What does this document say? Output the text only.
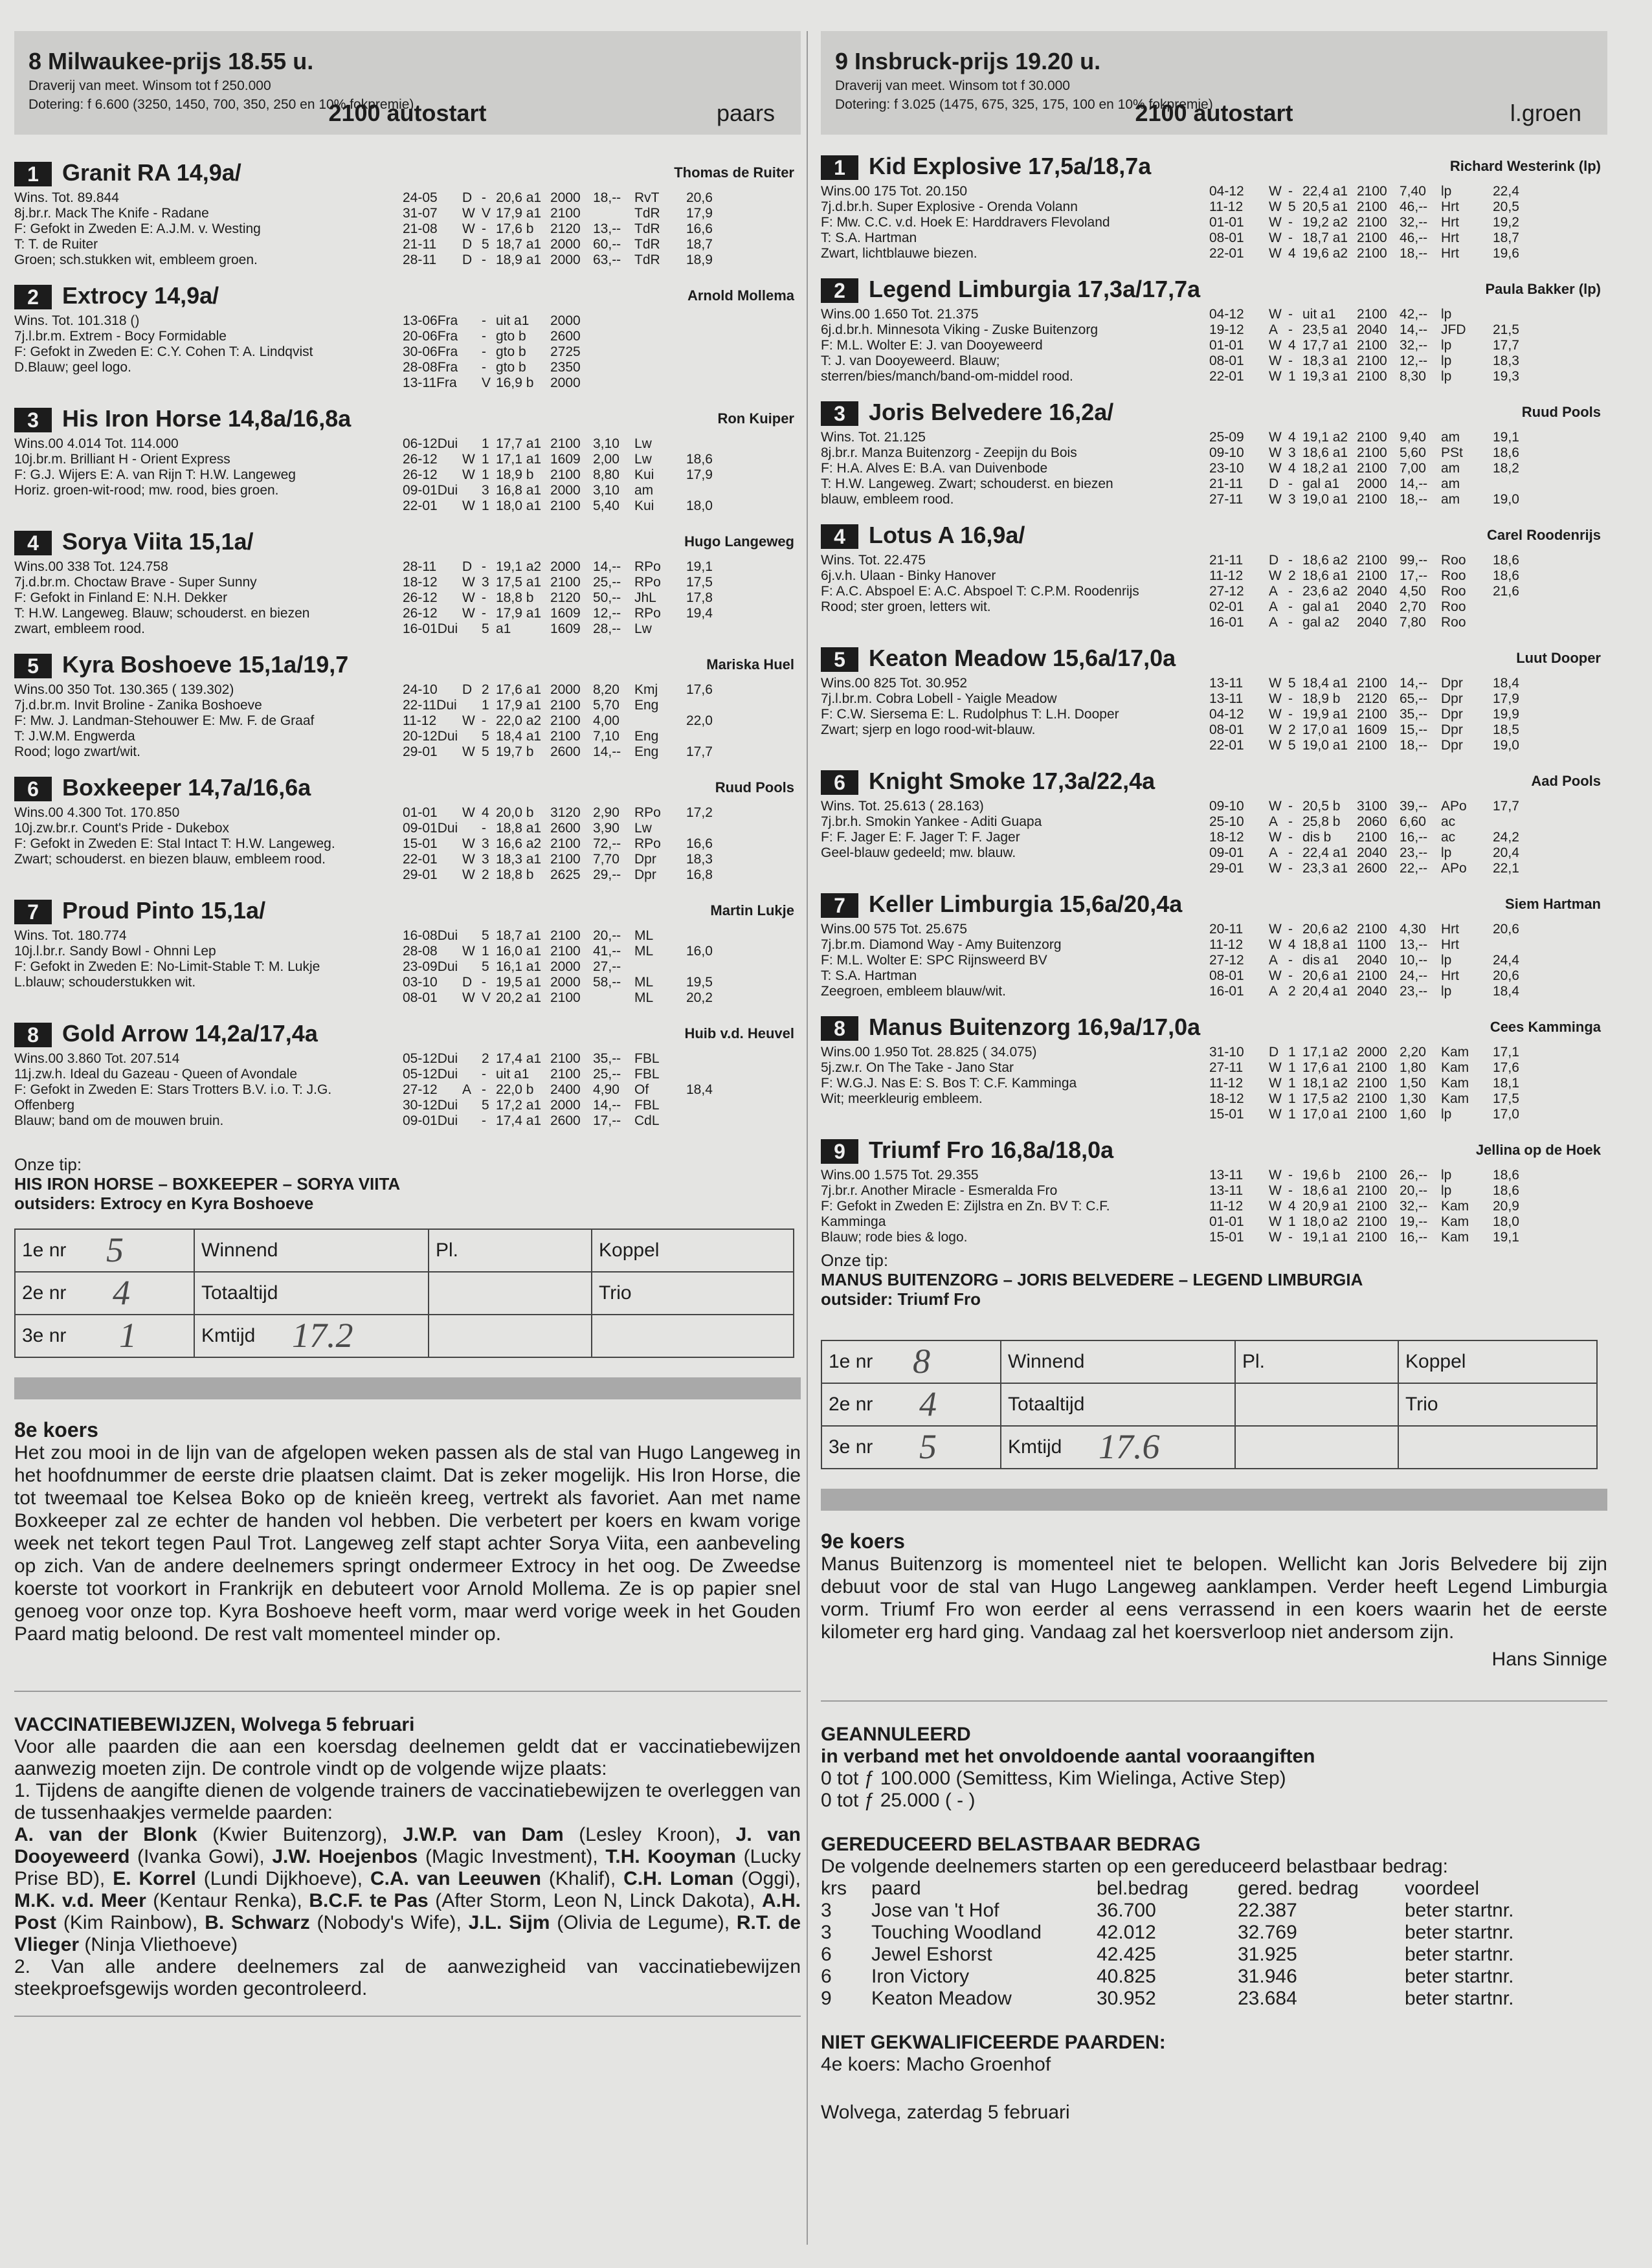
8 Milwaukee-prijs 18.55 u.
Draverij van meet. Winsom tot f 250.000
Dotering: f 6.600 (3250, 1450, 700, 350, 250 en 10% fokpremie)
2100 autostart	paars
1	Granit RA 14,9a/	Thomas de Ruiter
Wins. Tot. 89.844
8j.br.r. Mack The Knife - Radane
F: Gefokt in Zweden E: A.J.M. v. Westing
T: T. de Ruiter
Groen; sch.stukken wit, embleem groen.
24-05	D - 20,6 a1 2000 18,-- RvT	20,6
31-07	W V 17,9 a1 2100	TdR	17,9
21-08	W - 17,6 b	2120 13,-- TdR	16,6
21-11	D 5 18,7 a1 2000 60,-- TdR	18,7
28-11	D - 18,9 a1 2000 63,-- TdR	18,9
2	Extrocy 14,9a/	Arnold Mollema
Wins. Tot. 101.318 ()
7j.l.br.m. Extrem - Bocy Formidable
F: Gefokt in Zweden E: C.Y. Cohen T: A. Lindqvist
D.Blauw; geel logo.
13-06Fra	- uit a1	2000
20-06Fra	- gto b	2600
30-06Fra	- gto b	2725
28-08Fra	- gto b	2350
13-11Fra	V 16,9 b	2000
3	His Iron Horse 14,8a/16,8a	Ron Kuiper
Wins.00 4.014 Tot. 114.000
10j.br.m. Brilliant H - Orient Express
F: G.J. Wijers E: A. van Rijn T: H.W. Langeweg
Horiz. groen-wit-rood; mw. rood, bies groen.
06-12Dui	1 17,7 a1 2100 3,10	Lw
26-12	W 1 17,1 a1 1609 2,00	Lw	18,6
26-12	W 1 18,9 b	2100 8,80	Kui	17,9
09-01Dui	3 16,8 a1 2000 3,10	am
22-01	W 1 18,0 a1 2100 5,40	Kui	18,0
4	Sorya Viita 15,1a/	Hugo Langeweg
Wins.00 338 Tot. 124.758
7j.d.br.m. Choctaw Brave - Super Sunny
F: Gefokt in Finland E: N.H. Dekker
T: H.W. Langeweg. Blauw; schouderst. en biezen
zwart, embleem rood.
28-11	D - 19,1 a2 2000 14,-- RPo	19,1
18-12	W 3 17,5 a1 2100 25,-- RPo	17,5
26-12	W - 18,8 b	2120 50,-- JhL	17,8
26-12	W - 17,9 a1 1609 12,-- RPo	19,4
16-01Dui	5 a1	1609 28,-- Lw
5	Kyra Boshoeve 15,1a/19,7	Mariska Huel
Wins.00 350 Tot. 130.365 ( 139.302)
7j.d.br.m. Invit Broline - Zanika Boshoeve
F: Mw. J. Landman-Stehouwer E: Mw. F. de Graaf
T: J.W.M. Engwerda
Rood; logo zwart/wit.
24-10	D 2 17,6 a1 2000 8,20	Kmj	17,6
22-11Dui	1 17,9 a1 2100 5,70	Eng
11-12	W - 22,0 a2 2100 4,00	22,0
20-12Dui	5 18,4 a1 2100 7,10	Eng
29-01	W 5 19,7 b	2600 14,-- Eng	17,7
6	Boxkeeper 14,7a/16,6a	Ruud Pools
Wins.00 4.300 Tot. 170.850
10j.zw.br.r. Count's Pride - Dukebox
F: Gefokt in Zweden E: Stal Intact T: H.W. Langeweg.
Zwart; schouderst. en biezen blauw, embleem rood.
01-01	W 4 20,0 b	3120 2,90	RPo	17,2
09-01Dui	- 18,8 a1 2600 3,90	Lw
15-01	W 3 16,6 a2 2100 72,-- RPo	16,6
22-01	W 3 18,3 a1 2100 7,70	Dpr	18,3
29-01	W 2 18,8 b	2625 29,-- Dpr	16,8
7	Proud Pinto 15,1a/	Martin Lukje
Wins. Tot. 180.774
10j.l.br.r. Sandy Bowl - Ohnni Lep
F: Gefokt in Zweden E: No-Limit-Stable T: M. Lukje
L.blauw; schouderstukken wit.
16-08Dui	5 18,7 a1 2100 20,-- ML
28-08	W 1 16,0 a1 2100 41,-- ML	16,0
23-09Dui	5 16,1 a1 2000 27,--
03-10	D - 19,5 a1 2000 58,-- ML	19,5
08-01	W V 20,2 a1 2100	ML	20,2
8	Gold Arrow 14,2a/17,4a	Huib v.d. Heuvel
Wins.00 3.860 Tot. 207.514
11j.zw.h. Ideal du Gazeau - Queen of Avondale
F: Gefokt in Zweden E: Stars Trotters B.V. i.o. T: J.G.
Offenberg
Blauw; band om de mouwen bruin.
05-12Dui	2 17,4 a1 2100 35,-- FBL
05-12Dui	- uit a1	2100 25,-- FBL
27-12	A - 22,0 b	2400 4,90	Of	18,4
30-12Dui	5 17,2 a1 2000 14,-- FBL
09-01Dui	- 17,4 a1 2600 17,-- CdL
Onze tip:
HIS IRON HORSE – BOXKEEPER – SORYA VIITA
outsiders: Extrocy en Kyra Boshoeve
1e nr 5	Winnend	Pl.	Koppel
2e nr 4	Totaaltijd		Trio
3e nr 1	Kmtijd 17.2		

8e koers
Het zou mooi in de lijn van de afgelopen weken passen als de stal van Hugo Langeweg in het hoofdnummer de eerste drie plaatsen claimt. Dat is zeker mogelijk. His Iron Horse, die tot tweemaal toe Kelsea Boko op de knieën kreeg, vertrekt als favoriet. Aan met name Boxkeeper zal ze echter de handen vol hebben. Die verbetert per koers en kwam vorige week net tekort tegen Paul Trot. Langeweg zelf stapt achter Sorya Viita, een aanbeveling op zich. Van de andere deelnemers springt ondermeer Extrocy in het oog. De Zweedse koerste tot voorkort in Frankrijk en debuteert voor Arnold Mollema. Ze is op papier snel genoeg voor onze top. Kyra Boshoeve heeft vorm, maar werd vorige week in het Gouden Paard matig beloond. De rest valt momenteel minder op.
VACCINATIEBEWIJZEN, Wolvega 5 februari
Voor alle paarden die aan een koersdag deelnemen geldt dat er vaccinatiebewijzen aanwezig moeten zijn. De controle vindt op de volgende wijze plaats:
1. Tijdens de aangifte dienen de volgende trainers de vaccinatiebewijzen te overleggen van de tussenhaakjes vermelde paarden:
A. van der Blonk (Kwier Buitenzorg), J.W.P. van Dam (Lesley Kroon), J. van Dooyeweerd (Ivanka Gowi), J.W. Hoejenbos (Magic Investment), T.H. Kooyman (Lucky Prise BD), E. Korrel (Lundi Dijkhoeve), C.A. van Leeuwen (Khalif), C.H. Loman (Oggi), M.K. v.d. Meer (Kentaur Renka), B.C.F. te Pas (After Storm, Leon N, Linck Dakota), A.H. Post (Kim Rainbow), B. Schwarz (Nobody's Wife), J.L. Sijm (Olivia de Legume), R.T. de Vlieger (Ninja Vliethoeve)
2. Van alle andere deelnemers zal de aanwezigheid van vaccinatiebewijzen steekproefsgewijs worden gecontroleerd.
9 Insbruck-prijs 19.20 u.
Draverij van meet. Winsom tot f 30.000
Dotering: f 3.025 (1475, 675, 325, 175, 100 en 10% fokpremie)
2100 autostart	l.groen
1	Kid Explosive 17,5a/18,7a	Richard Westerink (lp)
Wins.00 175 Tot. 20.150
7j.d.br.h. Super Explosive - Orenda Volann
F: Mw. C.C. v.d. Hoek E: Harddravers Flevoland
T: S.A. Hartman
Zwart, lichtblauwe biezen.
04-12	W - 22,4 a1 2100 7,40	lp	22,4
11-12	W 5 20,5 a1 2100 46,-- Hrt	20,5
01-01	W - 19,2 a2 2100 32,-- Hrt	19,2
08-01	W - 18,7 a1 2100 46,-- Hrt	18,7
22-01	W 4 19,6 a2 2100 18,-- Hrt	19,6
2	Legend Limburgia 17,3a/17,7a	Paula Bakker (lp)
Wins.00 1.650 Tot. 21.375
6j.d.br.h. Minnesota Viking - Zuske Buitenzorg
F: M.L. Wolter E: J. van Dooyeweerd
T: J. van Dooyeweerd. Blauw;
sterren/bies/manch/band-om-middel rood.
04-12	W - uit a1	2100 42,-- lp
19-12	A - 23,5 a1 2040 14,-- JFD	21,5
01-01	W 4 17,7 a1 2100 32,-- lp	17,7
08-01	W - 18,3 a1 2100 12,-- lp	18,3
22-01	W 1 19,3 a1 2100 8,30	lp	19,3
3	Joris Belvedere 16,2a/	Ruud Pools
Wins. Tot. 21.125
8j.br.r. Manza Buitenzorg - Zeepijn du Bois
F: H.A. Alves E: B.A. van Duivenbode
T: H.W. Langeweg. Zwart; schouderst. en biezen
blauw, embleem rood.
25-09	W 4 19,1 a2 2100 9,40	am	19,1
09-10	W 3 18,6 a1 2100 5,60	PSt	18,6
23-10	W 4 18,2 a1 2100 7,00	am	18,2
21-11	D - gal a1	2000 14,-- am
27-11	W 3 19,0 a1 2100 18,-- am	19,0
4	Lotus A 16,9a/	Carel Roodenrijs
Wins. Tot. 22.475
6j.v.h. Ulaan - Binky Hanover
F: A.C. Abspoel E: A.C. Abspoel T: C.P.M. Roodenrijs
Rood; ster groen, letters wit.
21-11	D - 18,6 a2 2100 99,-- Roo	18,6
11-12	W 2 18,6 a1 2100 17,-- Roo	18,6
27-12	A - 23,6 a2 2040 4,50	Roo	21,6
02-01	A - gal a1	2040 2,70	Roo
16-01	A - gal a2	2040 7,80	Roo
5	Keaton Meadow 15,6a/17,0a	Luut Dooper
Wins.00 825 Tot. 30.952
7j.l.br.m. Cobra Lobell - Yaigle Meadow
F: C.W. Siersema E: L. Rudolphus T: L.H. Dooper
Zwart; sjerp en logo rood-wit-blauw.
13-11	W 5 18,4 a1 2100 14,-- Dpr	18,4
13-11	W - 18,9 b	2120 65,-- Dpr	17,9
04-12	W - 19,9 a1 2100 35,-- Dpr	19,9
08-01	W 2 17,0 a1 1609 15,-- Dpr	18,5
22-01	W 5 19,0 a1 2100 18,-- Dpr	19,0
6	Knight Smoke 17,3a/22,4a	Aad Pools
Wins. Tot. 25.613 ( 28.163)
7j.br.h. Smokin Yankee - Aditi Guapa
F: F. Jager E: F. Jager T: F. Jager
Geel-blauw gedeeld; mw. blauw.
09-10	W - 20,5 b	3100 39,-- APo	17,7
25-10	A - 25,8 b	2060 6,60	ac
18-12	W - dis b	2100 16,-- ac	24,2
09-01	A - 22,4 a1 2040 23,-- lp	20,4
29-01	W - 23,3 a1 2600 22,-- APo	22,1
7	Keller Limburgia 15,6a/20,4a	Siem Hartman
Wins.00 575 Tot. 25.675
7j.br.m. Diamond Way - Amy Buitenzorg
F: M.L. Wolter E: SPC Rijnsweerd BV
T: S.A. Hartman
Zeegroen, embleem blauw/wit.
20-11	W - 20,6 a2 2100 4,30	Hrt	20,6
11-12	W 4 18,8 a1 1100 13,-- Hrt
27-12	A - dis a1	2040 10,-- lp	24,4
08-01	W - 20,6 a1 2100 24,-- Hrt	20,6
16-01	A 2 20,4 a1 2040 23,-- lp	18,4
8	Manus Buitenzorg 16,9a/17,0a	Cees Kamminga
Wins.00 1.950 Tot. 28.825 ( 34.075)
5j.zw.r. On The Take - Jano Star
F: W.G.J. Nas E: S. Bos T: C.F. Kamminga
Wit; meerkleurig embleem.
31-10	D 1 17,1 a2 2000 2,20	Kam	17,1
27-11	W 1 17,6 a1 2100 1,80	Kam	17,6
11-12	W 1 18,1 a2 2100 1,50	Kam	18,1
18-12	W 1 17,5 a2 2100 1,30	Kam	17,5
15-01	W 1 17,0 a1 2100 1,60	lp	17,0
9	Triumf Fro 16,8a/18,0a	Jellina op de Hoek
Wins.00 1.575 Tot. 29.355
7j.br.r. Another Miracle - Esmeralda Fro
F: Gefokt in Zweden E: Zijlstra en Zn. BV T: C.F.
Kamminga
Blauw; rode bies & logo.
13-11	W - 19,6 b	2100 26,-- lp	18,6
13-11	W - 18,6 a1 2100 20,-- lp	18,6
11-12	W 4 20,9 a1 2100 32,-- Kam	20,9
01-01	W 1 18,0 a2 2100 19,-- Kam	18,0
15-01	W - 19,1 a1 2100 16,-- Kam	19,1
Onze tip:
MANUS BUITENZORG – JORIS BELVEDERE – LEGEND LIMBURGIA
outsider: Triumf Fro
1e nr 8	Winnend	Pl.	Koppel
2e nr 4	Totaaltijd		Trio
3e nr 5	Kmtijd 17.6		

9e koers
Manus Buitenzorg is momenteel niet te belopen. Wellicht kan Joris Belvedere bij zijn debuut voor de stal van Hugo Langeweg aanklampen. Verder heeft Legend Limburgia vorm. Triumf Fro won eerder al eens verrassend in een koers waarin het de eerste kilometer erg hard ging. Vandaag zal het koersverloop niet andersom zijn.
Hans Sinnige
GEANNULEERD
in verband met het onvoldoende aantal vooraangiften
0 tot ƒ 100.000 (Semittess, Kim Wielinga, Active Step)
0 tot ƒ 25.000 ( - )
GEREDUCEERD BELASTBAAR BEDRAG
De volgende deelnemers starten op een gereduceerd belastbaar bedrag:
krs	paard	bel.bedrag	gered. bedrag	voordeel
3	Jose van 't Hof	36.700	22.387	beter startnr.
3	Touching Woodland	42.012	32.769	beter startnr.
6	Jewel Eshorst	42.425	31.925	beter startnr.
6	Iron Victory	40.825	31.946	beter startnr.
9	Keaton Meadow	30.952	23.684	beter startnr.
NIET GEKWALIFICEERDE PAARDEN:
4e koers: Macho Groenhof
Wolvega, zaterdag 5 februari
